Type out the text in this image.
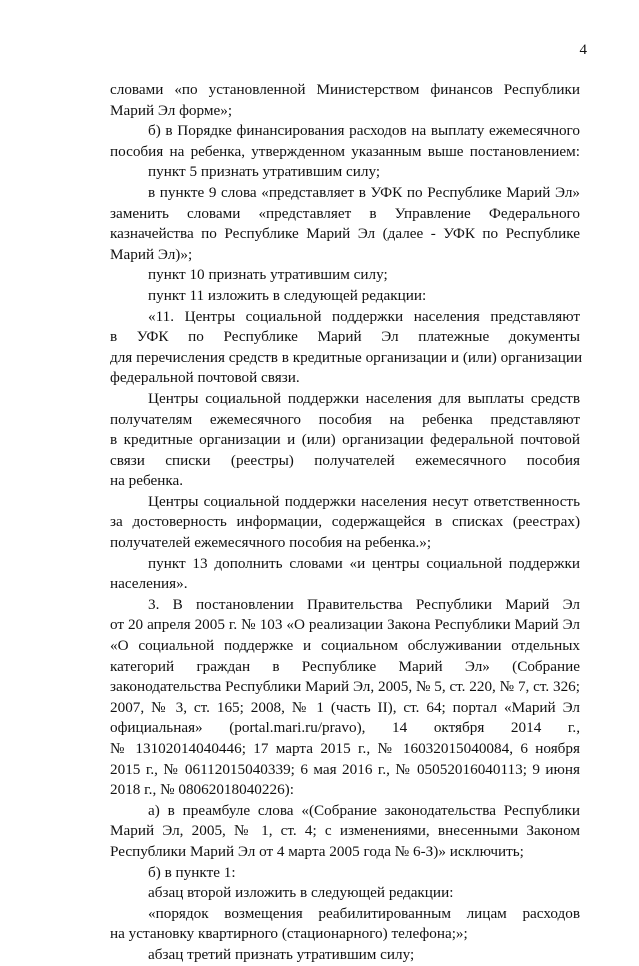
4
словами «по установленной Министерством финансов Республики
Марий Эл форме»;
б) в Порядке финансирования расходов на выплату ежемесячного
пособия на ребенка, утвержденном указанным выше постановлением:
пункт 5 признать утратившим силу;
в пункте 9 слова «представляет в УФК по Республике Марий Эл»
заменить словами «представляет в Управление Федерального
казначейства по Республике Марий Эл (далее - УФК по Республике
Марий Эл)»;
пункт 10 признать утратившим силу;
пункт 11 изложить в следующей редакции:
«11. Центры социальной поддержки населения представляют
в УФК по Республике Марий Эл платежные документы
для перечисления средств в кредитные организации и (или) организации
федеральной почтовой связи.
Центры социальной поддержки населения для выплаты средств
получателям ежемесячного пособия на ребенка представляют
в кредитные организации и (или) организации федеральной почтовой
связи списки (реестры) получателей ежемесячного пособия
на ребенка.
Центры социальной поддержки населения несут ответственность
за достоверность информации, содержащейся в списках (реестрах)
получателей ежемесячного пособия на ребенка.»;
пункт 13 дополнить словами «и центры социальной поддержки
населения».
3. В постановлении Правительства Республики Марий Эл
от 20 апреля 2005 г. № 103 «О реализации Закона Республики Марий Эл
«О социальной поддержке и социальном обслуживании отдельных
категорий граждан в Республике Марий Эл» (Собрание
законодательства Республики Марий Эл, 2005, № 5, ст. 220, № 7, ст. 326;
2007, № 3, ст. 165; 2008, № 1 (часть II), ст. 64; портал «Марий Эл
официальная» (portal.mari.ru/pravo), 14 октября 2014 г.,
№ 13102014040446; 17 марта 2015 г., № 16032015040084, 6 ноября
2015 г., № 06112015040339; 6 мая 2016 г., № 05052016040113; 9 июня
2018 г., № 08062018040226):
а) в преамбуле слова «(Собрание законодательства Республики
Марий Эл, 2005, № 1, ст. 4; с изменениями, внесенными Законом
Республики Марий Эл от 4 марта 2005 года № 6-З)» исключить;
б) в пункте 1:
абзац второй изложить в следующей редакции:
«порядок возмещения реабилитированным лицам расходов
на установку квартирного (стационарного) телефона;»;
абзац третий признать утратившим силу;
